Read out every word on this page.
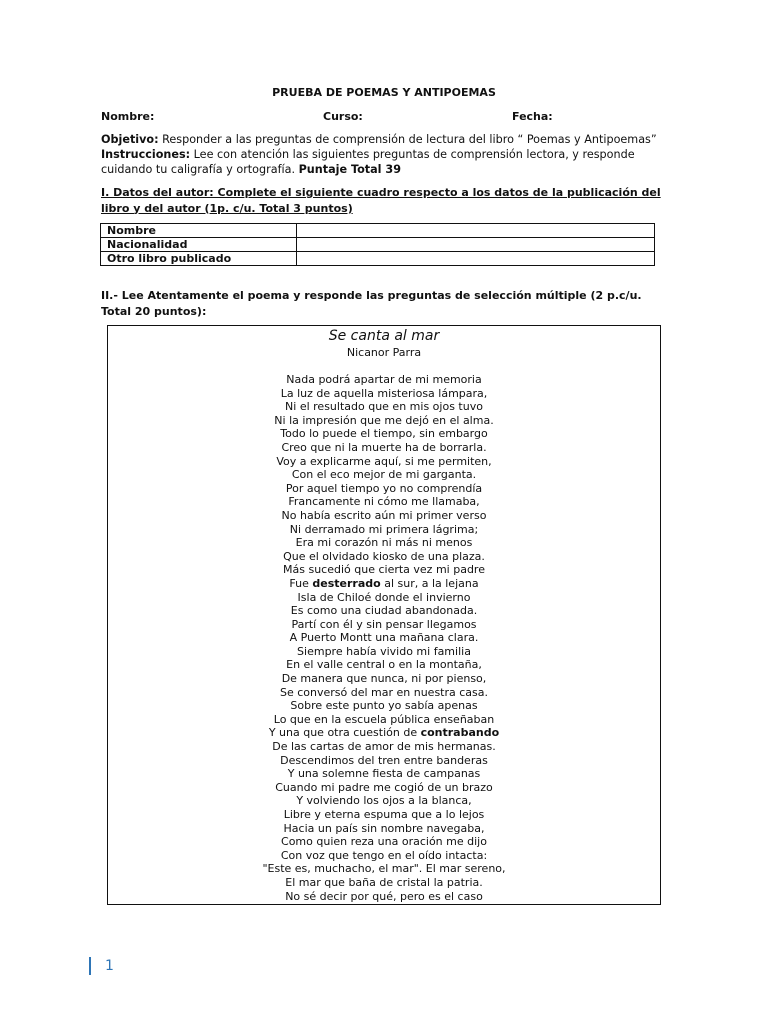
PRUEBA DE POEMAS Y ANTIPOEMAS
Nombre:	Curso:	Fecha:
Objetivo: Responder a las preguntas de comprensión de lectura del libro “ Poemas y Antipoemas”
Instrucciones: Lee con atención las siguientes preguntas de comprensión lectora, y responde cuidando tu caligrafía y ortografía. Puntaje Total 39
I. Datos del autor: Complete el siguiente cuadro respecto a los datos de la publicación del libro y del autor (1p. c/u. Total 3 puntos)
Nombre	
Nacionalidad	
Otro libro publicado	
II.- Lee Atentamente el poema y responde las preguntas de selección múltiple (2 p.c/u. Total 20 puntos):
Se canta al mar
Nicanor Parra
Nada podrá apartar de mi memoria
La luz de aquella misteriosa lámpara,
Ni el resultado que en mis ojos tuvo
Ni la impresión que me dejó en el alma.
Todo lo puede el tiempo, sin embargo
Creo que ni la muerte ha de borrarla.
Voy a explicarme aquí, si me permiten,
Con el eco mejor de mi garganta.
Por aquel tiempo yo no comprendía
Francamente ni cómo me llamaba,
No había escrito aún mi primer verso
Ni derramado mi primera lágrima;
Era mi corazón ni más ni menos
Que el olvidado kiosko de una plaza.
Más sucedió que cierta vez mi padre
Fue desterrado al sur, a la lejana
Isla de Chiloé donde el invierno
Es como una ciudad abandonada.
Partí con él y sin pensar llegamos
A Puerto Montt una mañana clara.
Siempre había vivido mi familia
En el valle central o en la montaña,
De manera que nunca, ni por pienso,
Se conversó del mar en nuestra casa.
Sobre este punto yo sabía apenas
Lo que en la escuela pública enseñaban
Y una que otra cuestión de contrabando
De las cartas de amor de mis hermanas.
Descendimos del tren entre banderas
Y una solemne fiesta de campanas
Cuando mi padre me cogió de un brazo
Y volviendo los ojos a la blanca,
Libre y eterna espuma que a lo lejos
Hacia un país sin nombre navegaba,
Como quien reza una oración me dijo
Con voz que tengo en el oído intacta:
"Este es, muchacho, el mar". El mar sereno,
El mar que baña de cristal la patria.
No sé decir por qué, pero es el caso
1
